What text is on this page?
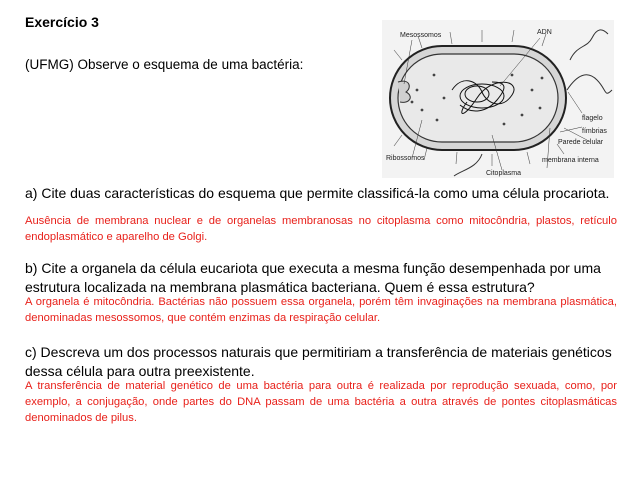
Exercício 3
(UFMG) Observe o esquema de uma bactéria:
Mesossomos	ADN
flagelo
fímbrias
Parede celular
Ribossomos
Citoplasma
membrana interna
a) Cite duas características do esquema que permite classificá-la como uma célula procariota.
Ausência de membrana nuclear e de organelas membranosas no citoplasma como mitocôndria, plastos, retículo endoplasmático e aparelho de Golgi.
b) Cite a organela da célula eucariota que executa a mesma função desempenhada por uma estrutura localizada na membrana plasmática bacteriana. Quem é essa estrutura?
A organela é mitocôndria. Bactérias não possuem essa organela, porém têm invaginações na membrana plasmática, denominadas mesossomos, que contém enzimas da respiração celular.
c) Descreva um dos processos naturais que permitiriam a transferência de materiais genéticos dessa célula para outra preexistente.
A transferência de material genético de uma bactéria para outra é realizada por reprodução sexuada, como, por exemplo, a conjugação, onde partes do DNA passam de uma bactéria a outra através de pontes citoplasmáticas denominados de pilus.
